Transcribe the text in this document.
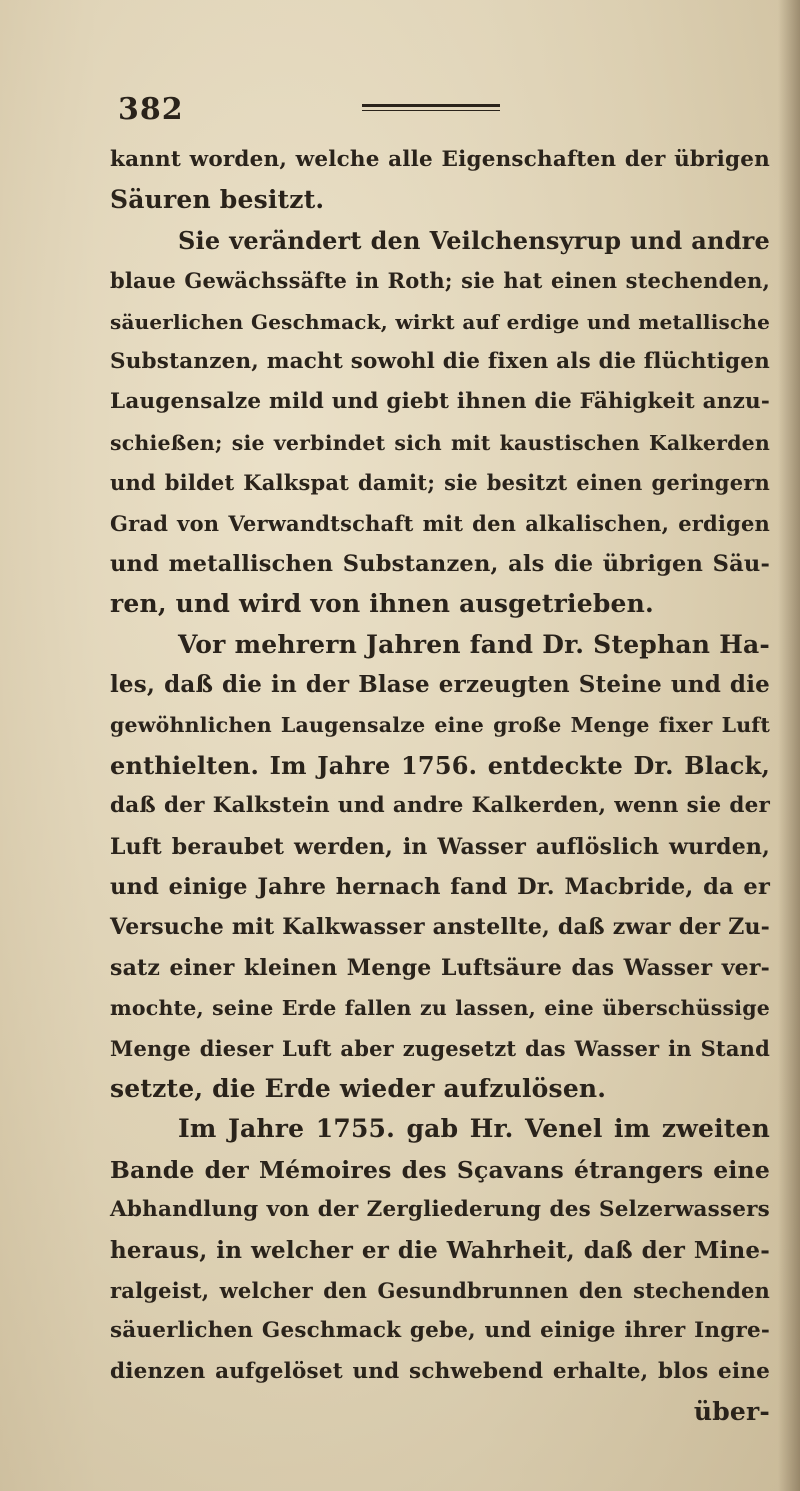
382
kannt worden, welche alle Eigenschaften der übrigen
Säuren besitzt.
Sie verändert den Veilchensyrup und andre
blaue Gewächssäfte in Roth; sie hat einen stechenden,
säuerlichen Geschmack, wirkt auf erdige und metallische
Substanzen, macht sowohl die fixen als die flüchtigen
Laugensalze mild und giebt ihnen die Fähigkeit anzu-
schießen; sie verbindet sich mit kaustischen Kalkerden
und bildet Kalkspat damit; sie besitzt einen geringern
Grad von Verwandtschaft mit den alkalischen, erdigen
und metallischen Substanzen, als die übrigen Säu-
ren, und wird von ihnen ausgetrieben.
Vor mehrern Jahren fand Dr. Stephan Ha-
les, daß die in der Blase erzeugten Steine und die
gewöhnlichen Laugensalze eine große Menge fixer Luft
enthielten. Im Jahre 1756. entdeckte Dr. Black,
daß der Kalkstein und andre Kalkerden, wenn sie der
Luft beraubet werden, in Wasser auflöslich wurden,
und einige Jahre hernach fand Dr. Macbride, da er
Versuche mit Kalkwasser anstellte, daß zwar der Zu-
satz einer kleinen Menge Luftsäure das Wasser ver-
mochte, seine Erde fallen zu lassen, eine überschüssige
Menge dieser Luft aber zugesetzt das Wasser in Stand
setzte, die Erde wieder aufzulösen.
Im Jahre 1755. gab Hr. Venel im zweiten
Bande der Mémoires des Sçavans étrangers eine
Abhandlung von der Zergliederung des Selzerwassers
heraus, in welcher er die Wahrheit, daß der Mine-
ralgeist, welcher den Gesundbrunnen den stechenden
säuerlichen Geschmack gebe, und einige ihrer Ingre-
dienzen aufgelöset und schwebend erhalte, blos eine
über-
